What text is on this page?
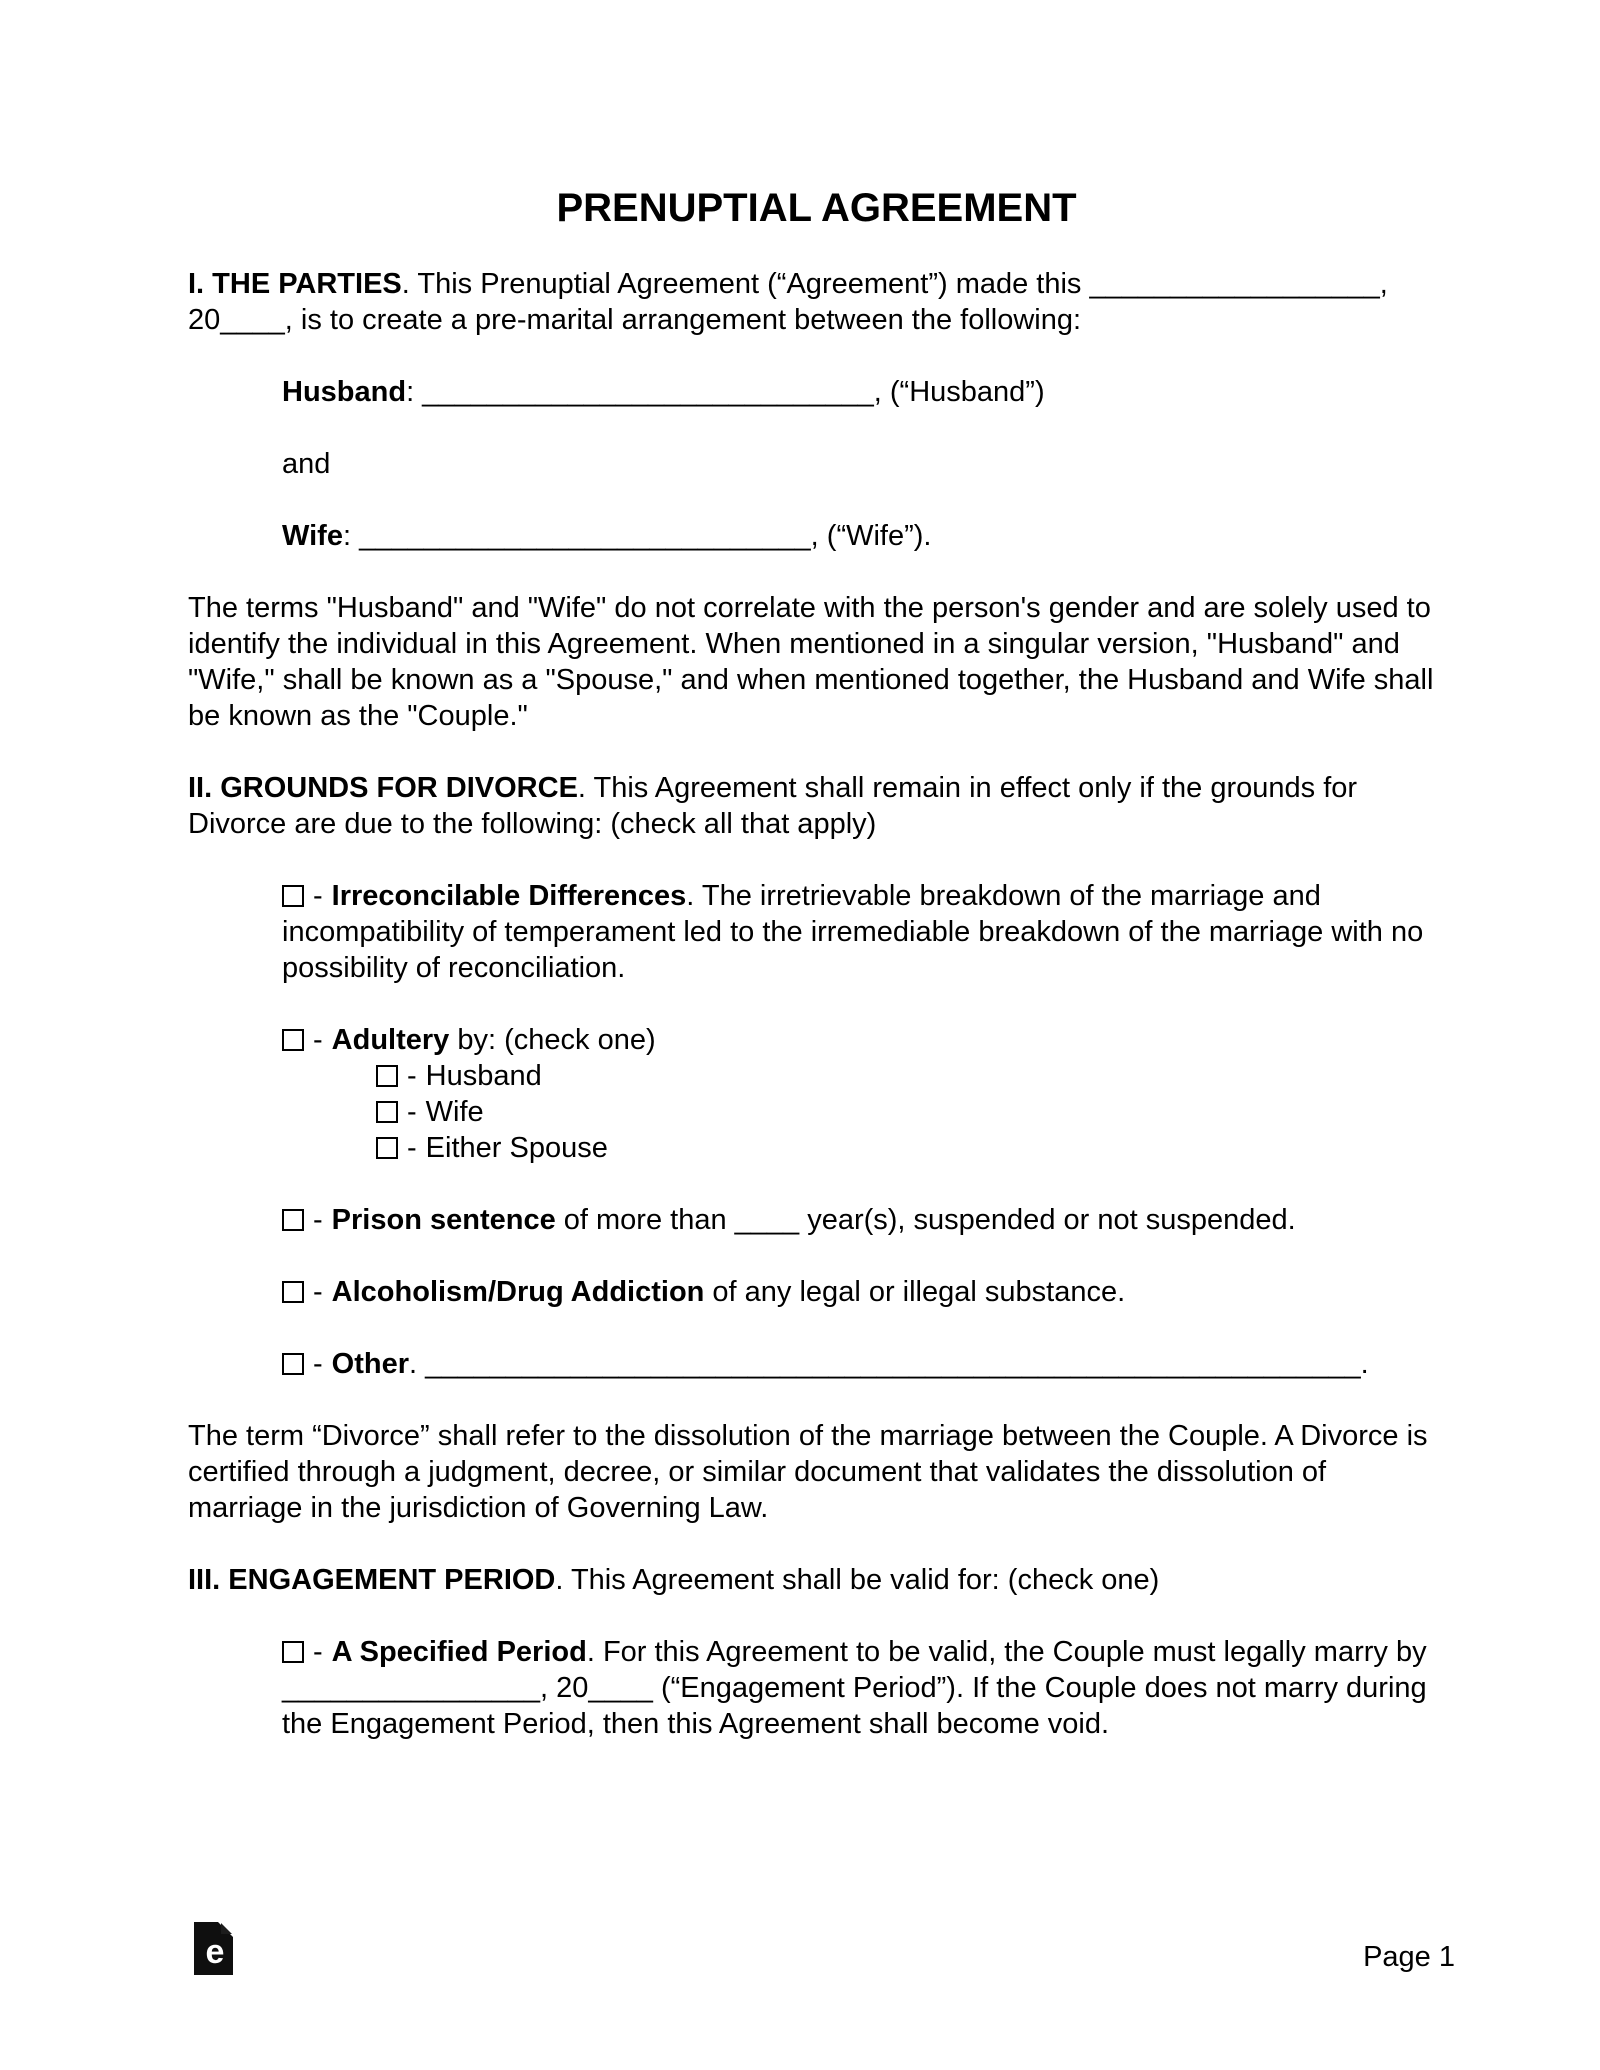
PRENUPTIAL AGREEMENT

I. THE PARTIES. This Prenuptial Agreement (“Agreement”) made this __________________, 20____, is to create a pre-marital arrangement between the following:

Husband: ____________________________, (“Husband”)

and

Wife: ____________________________, (“Wife”).

The terms "Husband" and "Wife" do not correlate with the person's gender and are solely used to identify the individual in this Agreement. When mentioned in a singular version, "Husband" and "Wife," shall be known as a "Spouse," and when mentioned together, the Husband and Wife shall be known as the "Couple."

II. GROUNDS FOR DIVORCE. This Agreement shall remain in effect only if the grounds for Divorce are due to the following: (check all that apply)

- Irreconcilable Differences. The irretrievable breakdown of the marriage and incompatibility of temperament led to the irremediable breakdown of the marriage with no possibility of reconciliation.

- Adultery by: (check one)

- Husband

- Wife

- Either Spouse

- Prison sentence of more than ____ year(s), suspended or not suspended.

- Alcoholism/Drug Addiction of any legal or illegal substance.

- Other. __________________________________________________________.

The term “Divorce” shall refer to the dissolution of the marriage between the Couple. A Divorce is certified through a judgment, decree, or similar document that validates the dissolution of marriage in the jurisdiction of Governing Law.

III. ENGAGEMENT PERIOD. This Agreement shall be valid for: (check one)

- A Specified Period. For this Agreement to be valid, the Couple must legally marry by ________________, 20____ (“Engagement Period”). If the Couple does not marry during the Engagement Period, then this Agreement shall become void.

e	Page 1
